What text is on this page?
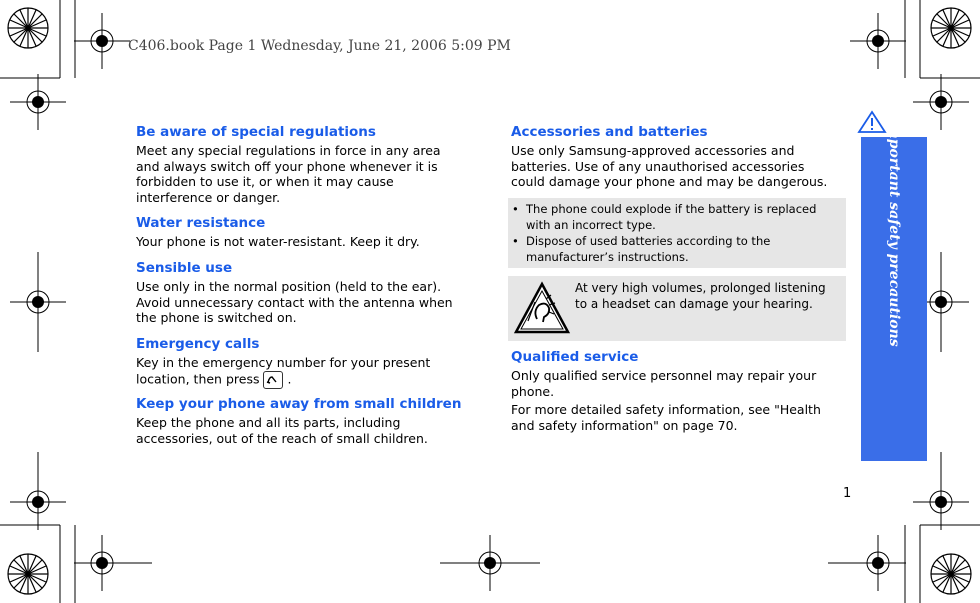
C406.book Page 1 Wednesday, June 21, 2006 5:09 PM
Be aware of special regulations

Meet any special regulations in force in any area and always switch off your phone whenever it is forbidden to use it, or when it may cause interference or danger.

Water resistance

Your phone is not water-resistant. Keep it dry.

Sensible use

Use only in the normal position (held to the ear). Avoid unnecessary contact with the antenna when the phone is switched on.

Emergency calls

Key in the emergency number for your present location, then press .

Keep your phone away from small children

Keep the phone and all its parts, including accessories, out of the reach of small children.

Accessories and batteries

Use only Samsung-approved accessories and batteries. Use of any unauthorised accessories could damage your phone and may be dangerous.

• The phone could explode if the battery is replaced with an incorrect type.
• Dispose of used batteries according to the manufacturer’s instructions.

At very high volumes, prolonged listening to a headset can damage your hearing.

Qualified service

Only qualified service personnel may repair your phone.

For more detailed safety information, see "Health and safety information" on page 70.

Important safety precautions
1
